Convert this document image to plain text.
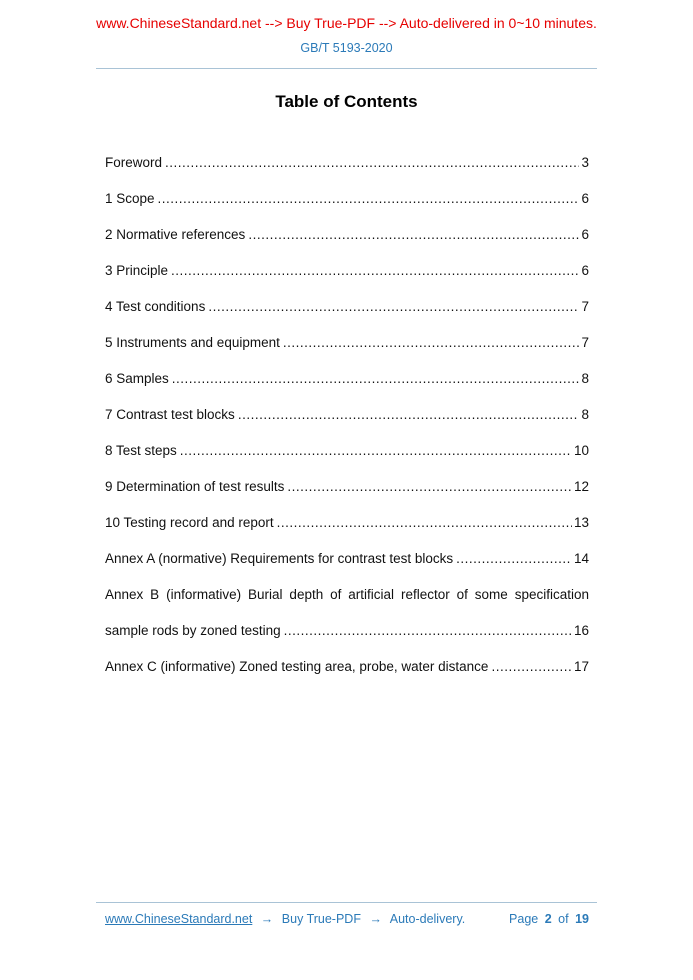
www.ChineseStandard.net --> Buy True-PDF --> Auto-delivered in 0~10 minutes.
GB/T 5193-2020
Table of Contents
Foreword .....	3
1 Scope .....	6
2 Normative references .....	6
3 Principle .....	6
4 Test conditions .....	7
5 Instruments and equipment .....	7
6 Samples .....	8
7 Contrast test blocks .....	8
8 Test steps .....	10
9 Determination of test results .....	12
10 Testing record and report .....	13
Annex A (normative) Requirements for contrast test blocks .....	14
Annex B (informative) Burial depth of artificial reflector of some specification
sample rods by zoned testing .....	16
Annex C (informative) Zoned testing area, probe, water distance .....	17
www.ChineseStandard.net → Buy True-PDF → Auto-delivery.	Page 2 of 19
